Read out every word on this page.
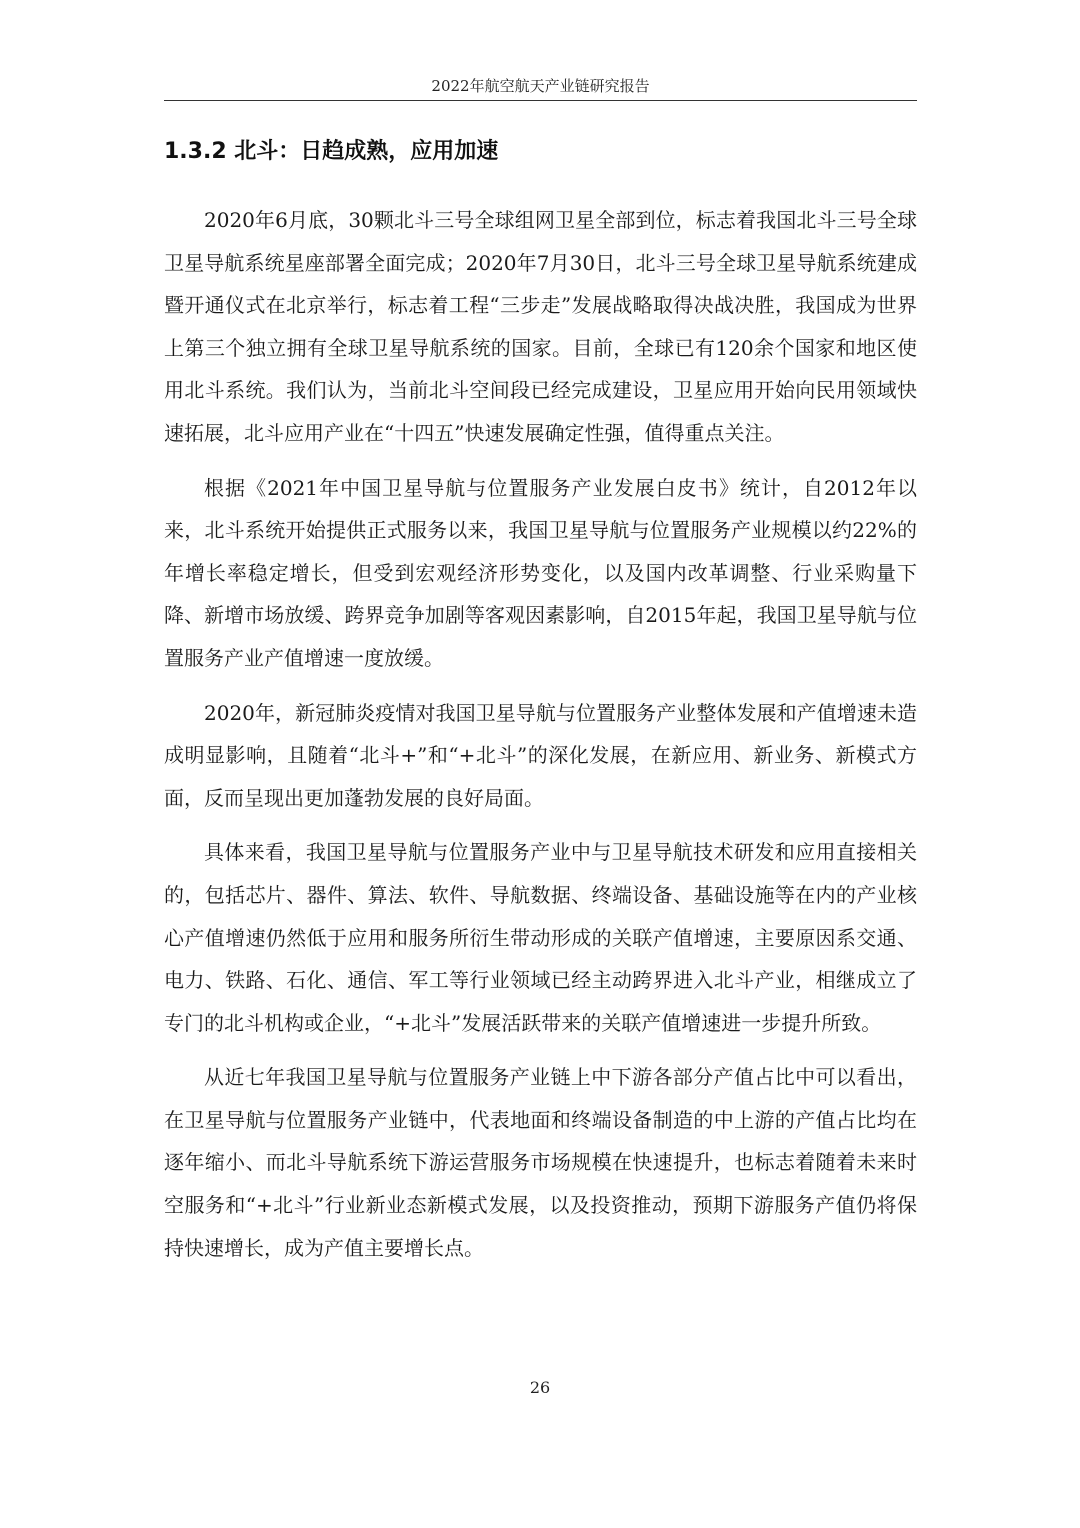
2022年航空航天产业链研究报告
1.3.2 北斗：日趋成熟，应用加速

2020年6月底，30颗北斗三号全球组网卫星全部到位，标志着我国北斗三号全球卫星导航系统星座部署全面完成；2020年7月30日，北斗三号全球卫星导航系统建成暨开通仪式在北京举行，标志着工程“三步走”发展战略取得决战决胜，我国成为世界上第三个独立拥有全球卫星导航系统的国家。目前，全球已有120余个国家和地区使用北斗系统。我们认为，当前北斗空间段已经完成建设，卫星应用开始向民用领域快速拓展，北斗应用产业在“十四五”快速发展确定性强，值得重点关注。

根据《2021年中国卫星导航与位置服务产业发展白皮书》统计，自2012年以来，北斗系统开始提供正式服务以来，我国卫星导航与位置服务产业规模以约22%的年增长率稳定增长，但受到宏观经济形势变化，以及国内改革调整、行业采购量下降、新增市场放缓、跨界竞争加剧等客观因素影响，自2015年起，我国卫星导航与位置服务产业产值增速一度放缓。

2020年，新冠肺炎疫情对我国卫星导航与位置服务产业整体发展和产值增速未造成明显影响，且随着“北斗+”和“+北斗”的深化发展，在新应用、新业务、新模式方面，反而呈现出更加蓬勃发展的良好局面。

具体来看，我国卫星导航与位置服务产业中与卫星导航技术研发和应用直接相关的，包括芯片、器件、算法、软件、导航数据、终端设备、基础设施等在内的产业核心产值增速仍然低于应用和服务所衍生带动形成的关联产值增速，主要原因系交通、电力、铁路、石化、通信、军工等行业领域已经主动跨界进入北斗产业，相继成立了专门的北斗机构或企业，“+北斗”发展活跃带来的关联产值增速进一步提升所致。

从近七年我国卫星导航与位置服务产业链上中下游各部分产值占比中可以看出，在卫星导航与位置服务产业链中，代表地面和终端设备制造的中上游的产值占比均在逐年缩小、而北斗导航系统下游运营服务市场规模在快速提升，也标志着随着未来时空服务和“+北斗”行业新业态新模式发展，以及投资推动，预期下游服务产值仍将保持快速增长，成为产值主要增长点。

26
